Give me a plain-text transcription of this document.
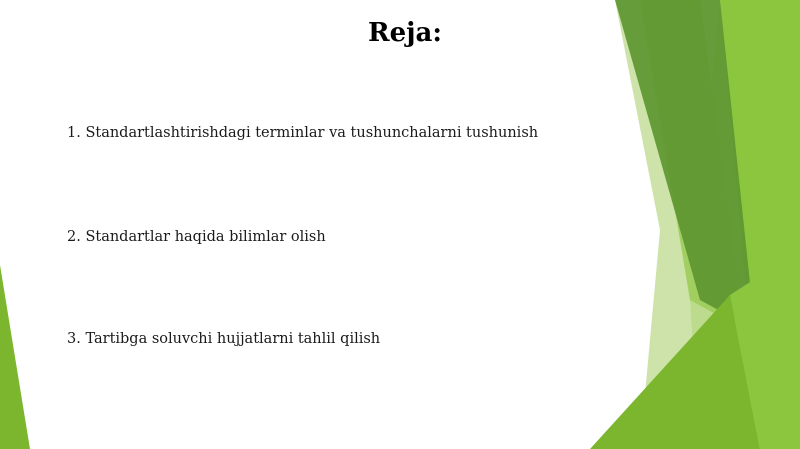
Reja:
1. Standartlashtirishdagi terminlar va tushunchalarni tushunish
2. Standartlar haqida bilimlar olish
3. Tartibga soluvchi hujjatlarni tahlil qilish
